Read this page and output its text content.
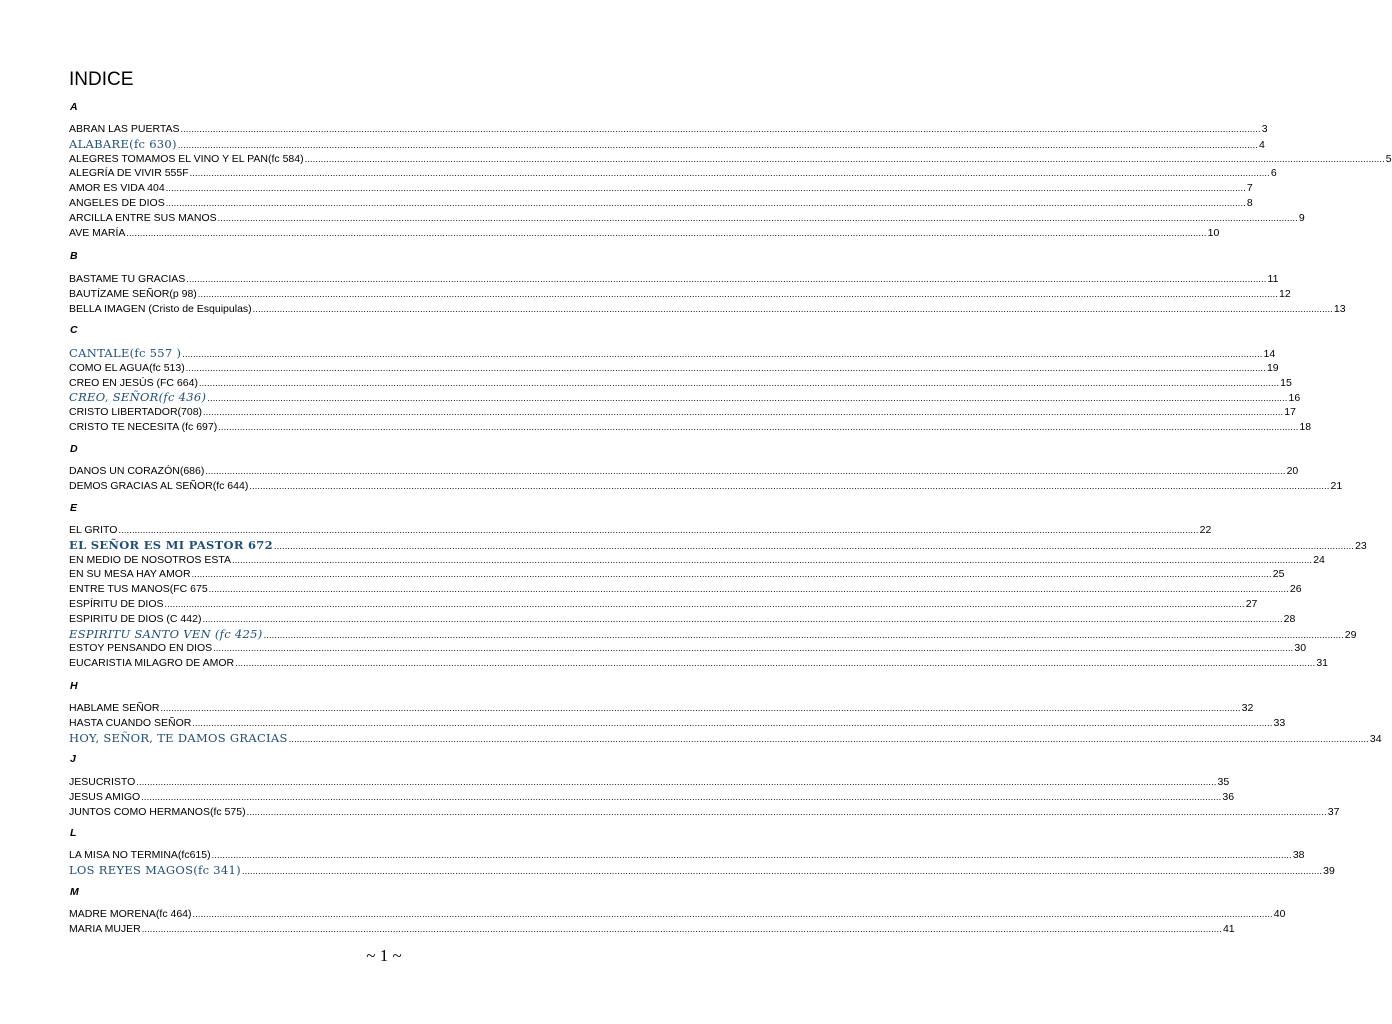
INDICE
A
ABRAN LAS PUERTAS ................................................................................................................................................................................................................................................................................................................................................................................................................ 3
ALABARE(fc 630) ................................................................................................................................................................................................................................................................................................................................................................................................................ 4
ALEGRES TOMAMOS EL VINO Y EL PAN(fc 584) ................................................................................................................................................................................................................................................................................................................................................................................................................ 5
ALEGRÍA DE VIVIR 555F ................................................................................................................................................................................................................................................................................................................................................................................................................ 6
AMOR ES VIDA 404 ................................................................................................................................................................................................................................................................................................................................................................................................................ 7
ANGELES DE DIOS ................................................................................................................................................................................................................................................................................................................................................................................................................ 8
ARCILLA ENTRE SUS MANOS ................................................................................................................................................................................................................................................................................................................................................................................................................ 9
AVE MARÍA ................................................................................................................................................................................................................................................................................................................................................................................................................ 10
B
BASTAME TU GRACIAS ................................................................................................................................................................................................................................................................................................................................................................................................................ 11
BAUTÍZAME SEÑOR(p 98) ................................................................................................................................................................................................................................................................................................................................................................................................................ 12
BELLA IMAGEN (Cristo de Esquipulas) ................................................................................................................................................................................................................................................................................................................................................................................................................ 13
C
CANTALE(fc 557 ) ................................................................................................................................................................................................................................................................................................................................................................................................................ 14
COMO EL AGUA(fc 513) ................................................................................................................................................................................................................................................................................................................................................................................................................ 19
CREO EN JESÚS (FC 664) ................................................................................................................................................................................................................................................................................................................................................................................................................ 15
CREO, SEÑOR(fc 436) ................................................................................................................................................................................................................................................................................................................................................................................................................ 16
CRISTO LIBERTADOR(708) ................................................................................................................................................................................................................................................................................................................................................................................................................ 17
CRISTO TE NECESITA (fc 697) ................................................................................................................................................................................................................................................................................................................................................................................................................ 18
D
DANOS UN CORAZÓN(686) ................................................................................................................................................................................................................................................................................................................................................................................................................ 20
DEMOS GRACIAS AL SEÑOR(fc 644) ................................................................................................................................................................................................................................................................................................................................................................................................................ 21
E
EL GRITO ................................................................................................................................................................................................................................................................................................................................................................................................................ 22
EL SEÑOR ES MI PASTOR 672 ................................................................................................................................................................................................................................................................................................................................................................................................................ 23
EN MEDIO DE NOSOTROS ESTA ................................................................................................................................................................................................................................................................................................................................................................................................................ 24
EN SU MESA HAY AMOR ................................................................................................................................................................................................................................................................................................................................................................................................................ 25
ENTRE TUS MANOS(FC 675 ................................................................................................................................................................................................................................................................................................................................................................................................................ 26
ESPÍRITU DE DIOS ................................................................................................................................................................................................................................................................................................................................................................................................................ 27
ESPIRITU DE DIOS (C 442) ................................................................................................................................................................................................................................................................................................................................................................................................................ 28
ESPIRITU SANTO VEN (fc 425) ................................................................................................................................................................................................................................................................................................................................................................................................................ 29
ESTOY PENSANDO EN DIOS ................................................................................................................................................................................................................................................................................................................................................................................................................ 30
EUCARISTIA MILAGRO DE AMOR ................................................................................................................................................................................................................................................................................................................................................................................................................ 31
H
HABLAME SEÑOR ................................................................................................................................................................................................................................................................................................................................................................................................................ 32
HASTA CUANDO SEÑOR ................................................................................................................................................................................................................................................................................................................................................................................................................ 33
HOY, SEÑOR, TE DAMOS GRACIAS ................................................................................................................................................................................................................................................................................................................................................................................................................ 34
J
JESUCRISTO ................................................................................................................................................................................................................................................................................................................................................................................................................ 35
JESUS AMIGO ................................................................................................................................................................................................................................................................................................................................................................................................................ 36
JUNTOS COMO HERMANOS(fc 575) ................................................................................................................................................................................................................................................................................................................................................................................................................ 37
L
LA MISA NO TERMINA(fc615) ................................................................................................................................................................................................................................................................................................................................................................................................................ 38
LOS REYES MAGOS(fc 341) ................................................................................................................................................................................................................................................................................................................................................................................................................ 39
M
MADRE MORENA(fc 464) ................................................................................................................................................................................................................................................................................................................................................................................................................ 40
MARIA MUJER ................................................................................................................................................................................................................................................................................................................................................................................................................ 41
~ 1 ~
